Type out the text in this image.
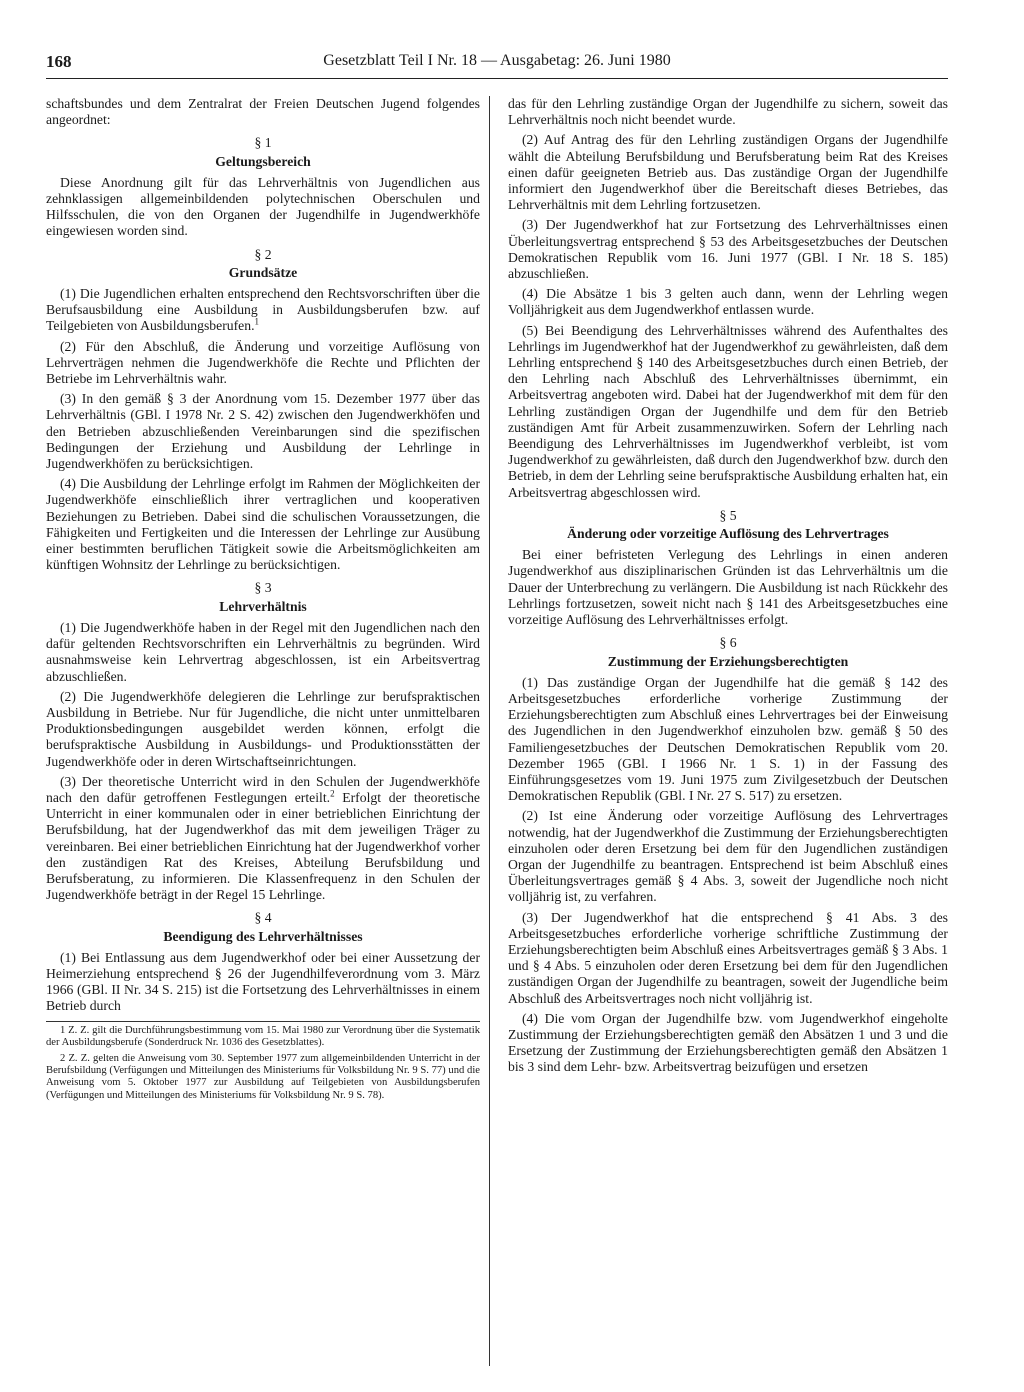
168	Gesetzblatt Teil I Nr. 18 — Ausgabetag: 26. Juni 1980

schaftsbundes und dem Zentralrat der Freien Deutschen Jugend folgendes angeordnet:

§ 1
Geltungsbereich

Diese Anordnung gilt für das Lehrverhältnis von Jugendlichen aus zehnklassigen allgemeinbildenden polytechnischen Oberschulen und Hilfsschulen, die von den Organen der Jugendhilfe in Jugendwerkhöfe eingewiesen worden sind.

§ 2
Grundsätze

(1) Die Jugendlichen erhalten entsprechend den Rechtsvorschriften über die Berufsausbildung eine Ausbildung in Ausbildungsberufen bzw. auf Teilgebieten von Ausbildungsberufen.$^1$

(2) Für den Abschluß, die Änderung und vorzeitige Auflösung von Lehrverträgen nehmen die Jugendwerkhöfe die Rechte und Pflichten der Betriebe im Lehrverhältnis wahr.

(3) In den gemäß § 3 der Anordnung vom 15. Dezember 1977 über das Lehrverhältnis (GBl. I 1978 Nr. 2 S. 42) zwischen den Jugendwerkhöfen und den Betrieben abzuschließenden Vereinbarungen sind die spezifischen Bedingungen der Erziehung und Ausbildung der Lehrlinge in Jugendwerkhöfen zu berücksichtigen.

(4) Die Ausbildung der Lehrlinge erfolgt im Rahmen der Möglichkeiten der Jugendwerkhöfe einschließlich ihrer vertraglichen und kooperativen Beziehungen zu Betrieben. Dabei sind die schulischen Voraussetzungen, die Fähigkeiten und Fertigkeiten und die Interessen der Lehrlinge zur Ausübung einer bestimmten beruflichen Tätigkeit sowie die Arbeitsmöglichkeiten am künftigen Wohnsitz der Lehrlinge zu berücksichtigen.

§ 3
Lehrverhältnis

(1) Die Jugendwerkhöfe haben in der Regel mit den Jugendlichen nach den dafür geltenden Rechtsvorschriften ein Lehrverhältnis zu begründen. Wird ausnahmsweise kein Lehrvertrag abgeschlossen, ist ein Arbeitsvertrag abzuschließen.

(2) Die Jugendwerkhöfe delegieren die Lehrlinge zur berufspraktischen Ausbildung in Betriebe. Nur für Jugendliche, die nicht unter unmittelbaren Produktionsbedingungen ausgebildet werden können, erfolgt die berufspraktische Ausbildung in Ausbildungs- und Produktionsstätten der Jugendwerkhöfe oder in deren Wirtschaftseinrichtungen.

(3) Der theoretische Unterricht wird in den Schulen der Jugendwerkhöfe nach den dafür getroffenen Festlegungen erteilt.$^2$ Erfolgt der theoretische Unterricht in einer kommunalen oder in einer betrieblichen Einrichtung der Berufsbildung, hat der Jugendwerkhof das mit dem jeweiligen Träger zu vereinbaren. Bei einer betrieblichen Einrichtung hat der Jugendwerkhof vorher den zuständigen Rat des Kreises, Abteilung Berufsbildung und Berufsberatung, zu informieren. Die Klassenfrequenz in den Schulen der Jugendwerkhöfe beträgt in der Regel 15 Lehrlinge.

§ 4
Beendigung des Lehrverhältnisses

(1) Bei Entlassung aus dem Jugendwerkhof oder bei einer Aussetzung der Heimerziehung entsprechend § 26 der Jugendhilfeverordnung vom 3. März 1966 (GBl. II Nr. 34 S. 215) ist die Fortsetzung des Lehrverhältnisses in einem Betrieb durch

1 Z. Z. gilt die Durchführungsbestimmung vom 15. Mai 1980 zur Verordnung über die Systematik der Ausbildungsberufe (Sonderdruck Nr. 1036 des Gesetzblattes).

2 Z. Z. gelten die Anweisung vom 30. September 1977 zum allgemeinbildenden Unterricht in der Berufsbildung (Verfügungen und Mitteilungen des Ministeriums für Volksbildung Nr. 9 S. 77) und die Anweisung vom 5. Oktober 1977 zur Ausbildung auf Teilgebieten von Ausbildungsberufen (Verfügungen und Mitteilungen des Ministeriums für Volksbildung Nr. 9 S. 78).

das für den Lehrling zuständige Organ der Jugendhilfe zu sichern, soweit das Lehrverhältnis noch nicht beendet wurde.

(2) Auf Antrag des für den Lehrling zuständigen Organs der Jugendhilfe wählt die Abteilung Berufsbildung und Berufsberatung beim Rat des Kreises einen dafür geeigneten Betrieb aus. Das zuständige Organ der Jugendhilfe informiert den Jugendwerkhof über die Bereitschaft dieses Betriebes, das Lehrverhältnis mit dem Lehrling fortzusetzen.

(3) Der Jugendwerkhof hat zur Fortsetzung des Lehrverhältnisses einen Überleitungsvertrag entsprechend § 53 des Arbeitsgesetzbuches der Deutschen Demokratischen Republik vom 16. Juni 1977 (GBl. I Nr. 18 S. 185) abzuschließen.

(4) Die Absätze 1 bis 3 gelten auch dann, wenn der Lehrling wegen Volljährigkeit aus dem Jugendwerkhof entlassen wurde.

(5) Bei Beendigung des Lehrverhältnisses während des Aufenthaltes des Lehrlings im Jugendwerkhof hat der Jugendwerkhof zu gewährleisten, daß dem Lehrling entsprechend § 140 des Arbeitsgesetzbuches durch einen Betrieb, der den Lehrling nach Abschluß des Lehrverhältnisses übernimmt, ein Arbeitsvertrag angeboten wird. Dabei hat der Jugendwerkhof mit dem für den Lehrling zuständigen Organ der Jugendhilfe und dem für den Betrieb zuständigen Amt für Arbeit zusammenzuwirken. Sofern der Lehrling nach Beendigung des Lehrverhältnisses im Jugendwerkhof verbleibt, ist vom Jugendwerkhof zu gewährleisten, daß durch den Jugendwerkhof bzw. durch den Betrieb, in dem der Lehrling seine berufspraktische Ausbildung erhalten hat, ein Arbeitsvertrag abgeschlossen wird.

§ 5
Änderung oder vorzeitige Auflösung des Lehrvertrages

Bei einer befristeten Verlegung des Lehrlings in einen anderen Jugendwerkhof aus disziplinarischen Gründen ist das Lehrverhältnis um die Dauer der Unterbrechung zu verlängern. Die Ausbildung ist nach Rückkehr des Lehrlings fortzusetzen, soweit nicht nach § 141 des Arbeitsgesetzbuches eine vorzeitige Auflösung des Lehrverhältnisses erfolgt.

§ 6
Zustimmung der Erziehungsberechtigten

(1) Das zuständige Organ der Jugendhilfe hat die gemäß § 142 des Arbeitsgesetzbuches erforderliche vorherige Zustimmung der Erziehungsberechtigten zum Abschluß eines Lehrvertrages bei der Einweisung des Jugendlichen in den Jugendwerkhof einzuholen bzw. gemäß § 50 des Familiengesetzbuches der Deutschen Demokratischen Republik vom 20. Dezember 1965 (GBl. I 1966 Nr. 1 S. 1) in der Fassung des Einführungsgesetzes vom 19. Juni 1975 zum Zivilgesetzbuch der Deutschen Demokratischen Republik (GBl. I Nr. 27 S. 517) zu ersetzen.

(2) Ist eine Änderung oder vorzeitige Auflösung des Lehrvertrages notwendig, hat der Jugendwerkhof die Zustimmung der Erziehungsberechtigten einzuholen oder deren Ersetzung bei dem für den Jugendlichen zuständigen Organ der Jugendhilfe zu beantragen. Entsprechend ist beim Abschluß eines Überleitungsvertrages gemäß § 4 Abs. 3, soweit der Jugendliche noch nicht volljährig ist, zu verfahren.

(3) Der Jugendwerkhof hat die entsprechend § 41 Abs. 3 des Arbeitsgesetzbuches erforderliche vorherige schriftliche Zustimmung der Erziehungsberechtigten beim Abschluß eines Arbeitsvertrages gemäß § 3 Abs. 1 und § 4 Abs. 5 einzuholen oder deren Ersetzung bei dem für den Jugendlichen zuständigen Organ der Jugendhilfe zu beantragen, soweit der Jugendliche beim Abschluß des Arbeitsvertrages noch nicht volljährig ist.

(4) Die vom Organ der Jugendhilfe bzw. vom Jugendwerkhof eingeholte Zustimmung der Erziehungsberechtigten gemäß den Absätzen 1 und 3 und die Ersetzung der Zustimmung der Erziehungsberechtigten gemäß den Absätzen 1 bis 3 sind dem Lehr- bzw. Arbeitsvertrag beizufügen und ersetzen
